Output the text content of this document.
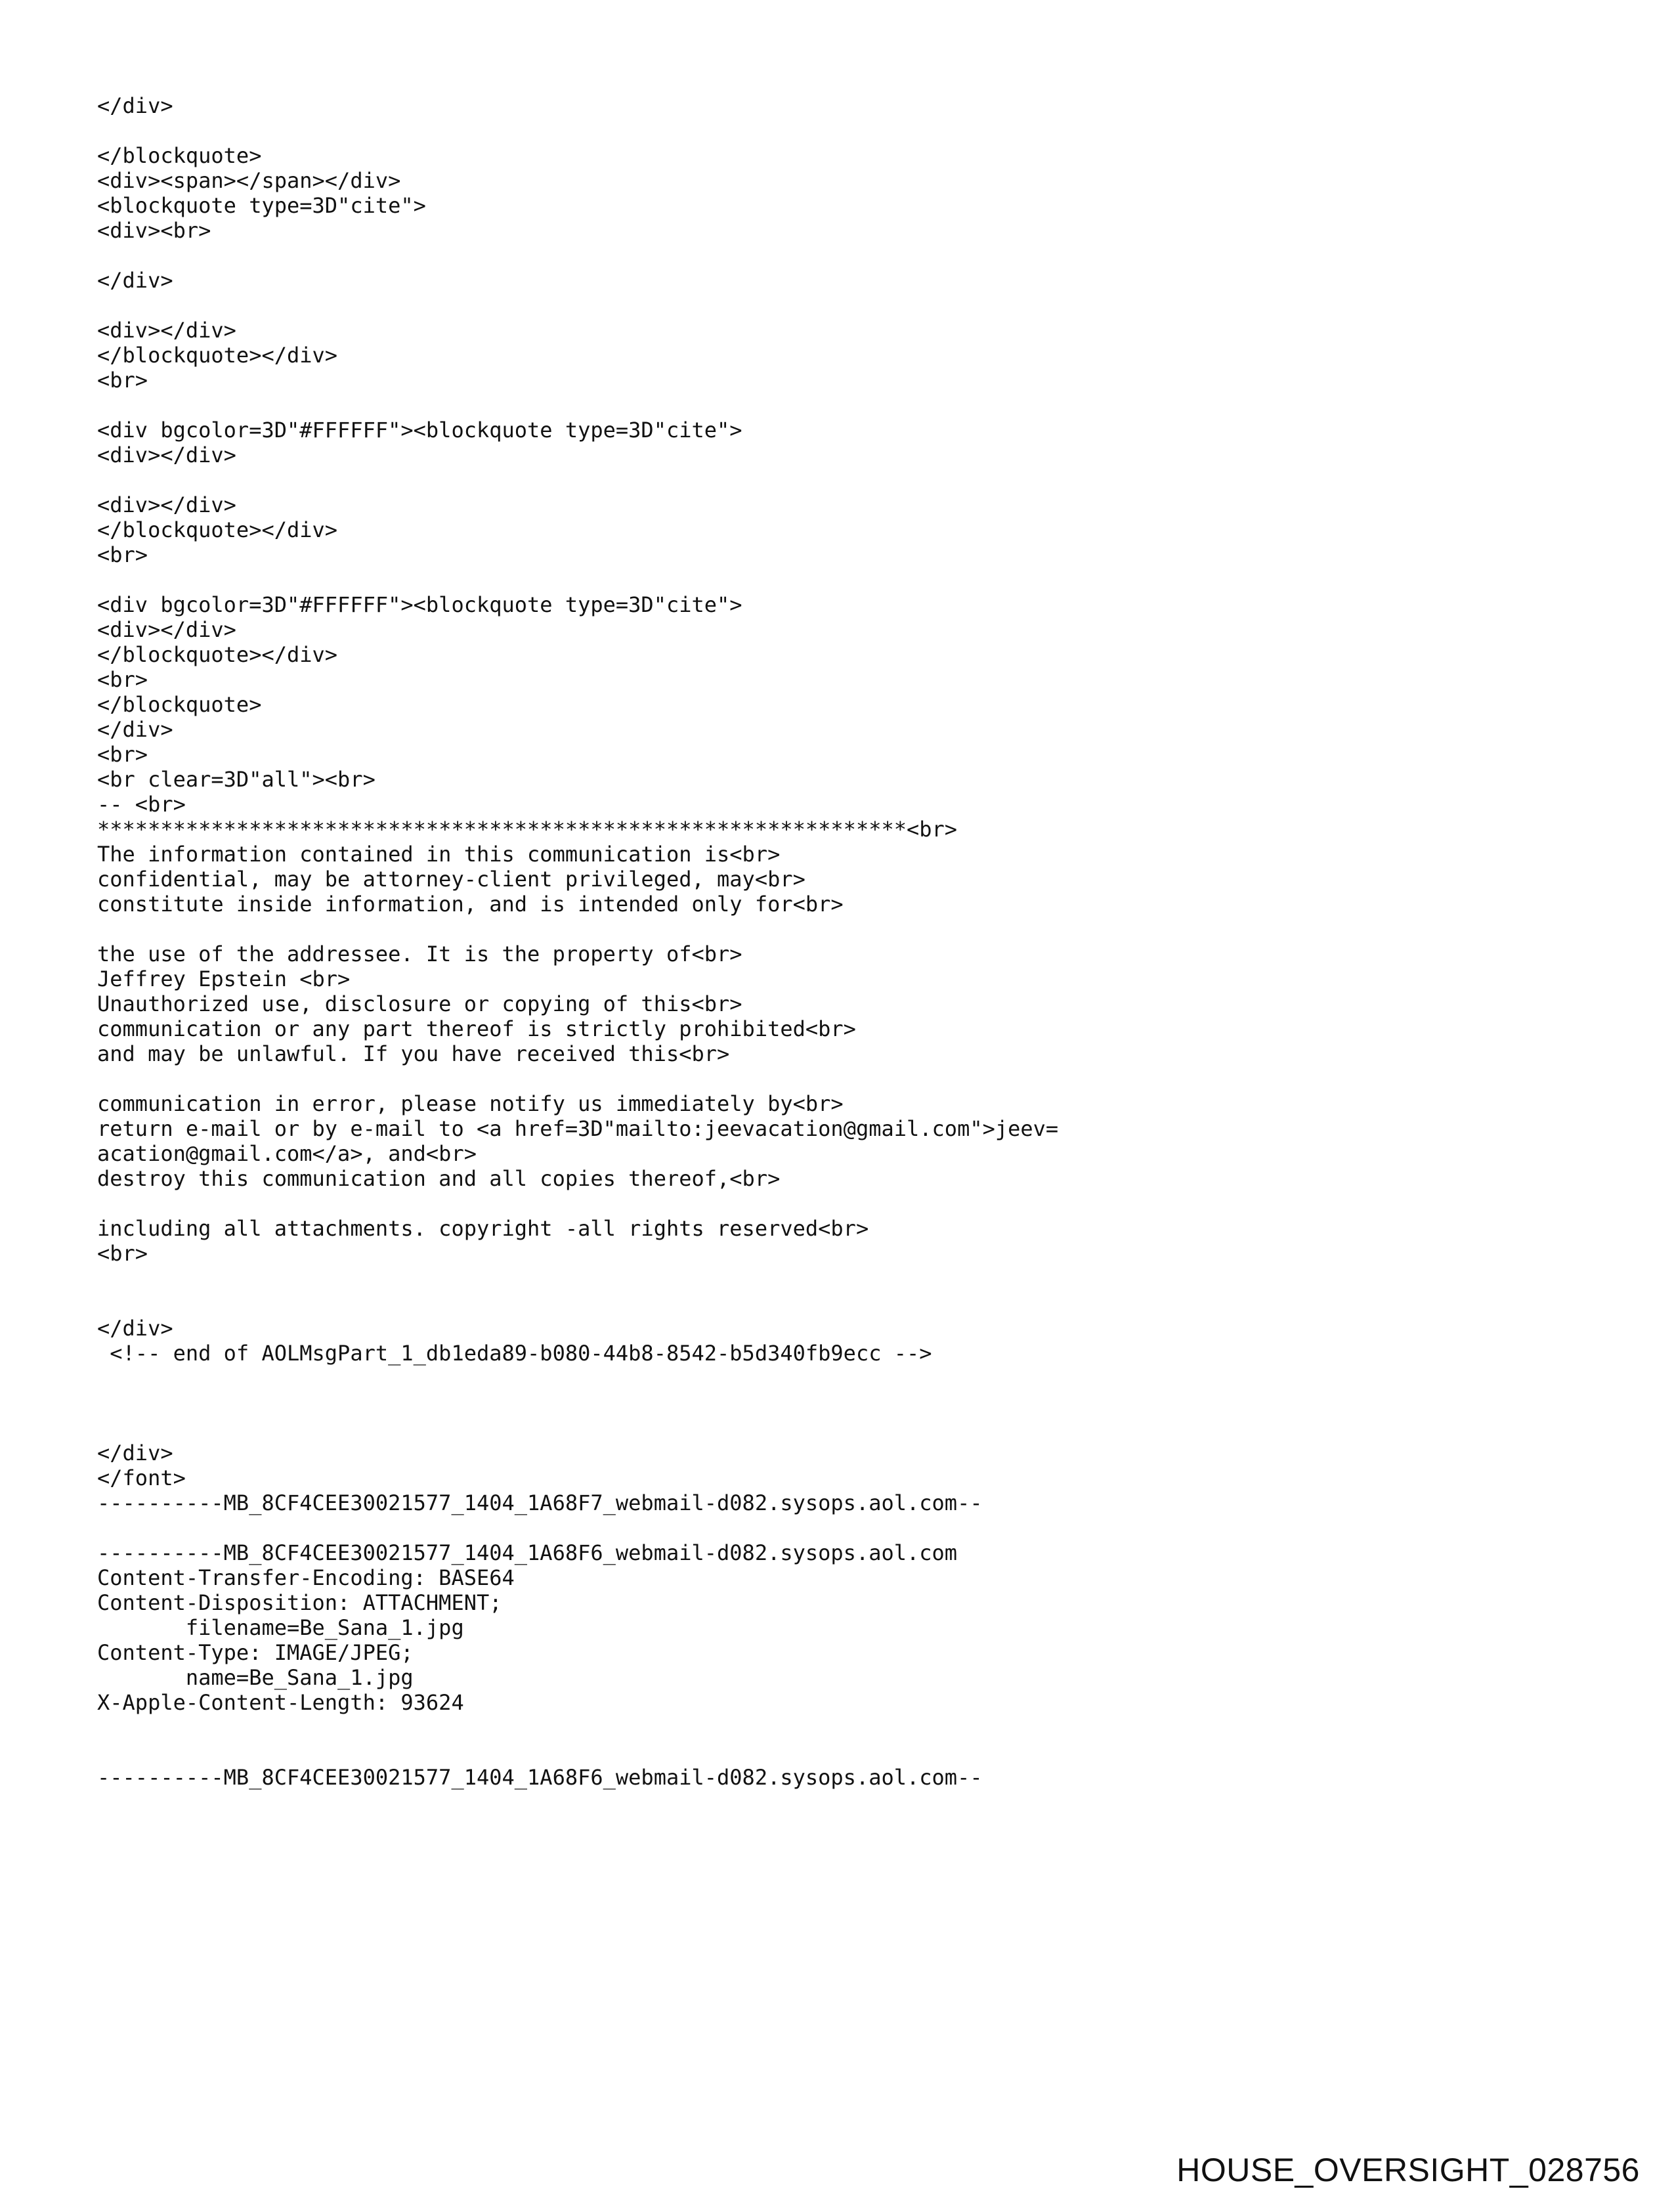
</div>
</blockquote>
<div><span></span></div>
<blockquote type=3D"cite">
<div><br>
</div>
<div></div>
</blockquote></div>
<br>
<div bgcolor=3D"#FFFFFF"><blockquote type=3D"cite">
<div></div>
<div></div>
</blockquote></div>
<br>
<div bgcolor=3D"#FFFFFF"><blockquote type=3D"cite">
<div></div>
</blockquote></div>
<br>
</blockquote>
</div>
<br>
<br clear=3D"all"><br>
-- <br>
****************************************************************<br>
The information contained in this communication is<br>
confidential, may be attorney-client privileged, may<br>
constitute inside information, and is intended only for<br>
the use of the addressee. It is the property of<br>
Jeffrey Epstein <br>
Unauthorized use, disclosure or copying of this<br>
communication or any part thereof is strictly prohibited<br>
and may be unlawful. If you have received this<br>
communication in error, please notify us immediately by<br>
return e-mail or by e-mail to <a href=3D"mailto:jeevacation@gmail.com">jeev=
acation@gmail.com</a>, and<br>
destroy this communication and all copies thereof,<br>
including all attachments. copyright -all rights reserved<br>
<br>
</div>
<!-- end of AOLMsgPart_1_db1eda89-b080-44b8-8542-b5d340fb9ecc -->
</div>
</font>
----------MB_8CF4CEE30021577_1404_1A68F7_webmail-d082.sysops.aol.com--
----------MB_8CF4CEE30021577_1404_1A68F6_webmail-d082.sysops.aol.com
Content-Transfer-Encoding: BASE64
Content-Disposition: ATTACHMENT;
filename=Be_Sana_1.jpg
Content-Type: IMAGE/JPEG;
name=Be_Sana_1.jpg
X-Apple-Content-Length: 93624
----------MB_8CF4CEE30021577_1404_1A68F6_webmail-d082.sysops.aol.com--
HOUSE_OVERSIGHT_028756
